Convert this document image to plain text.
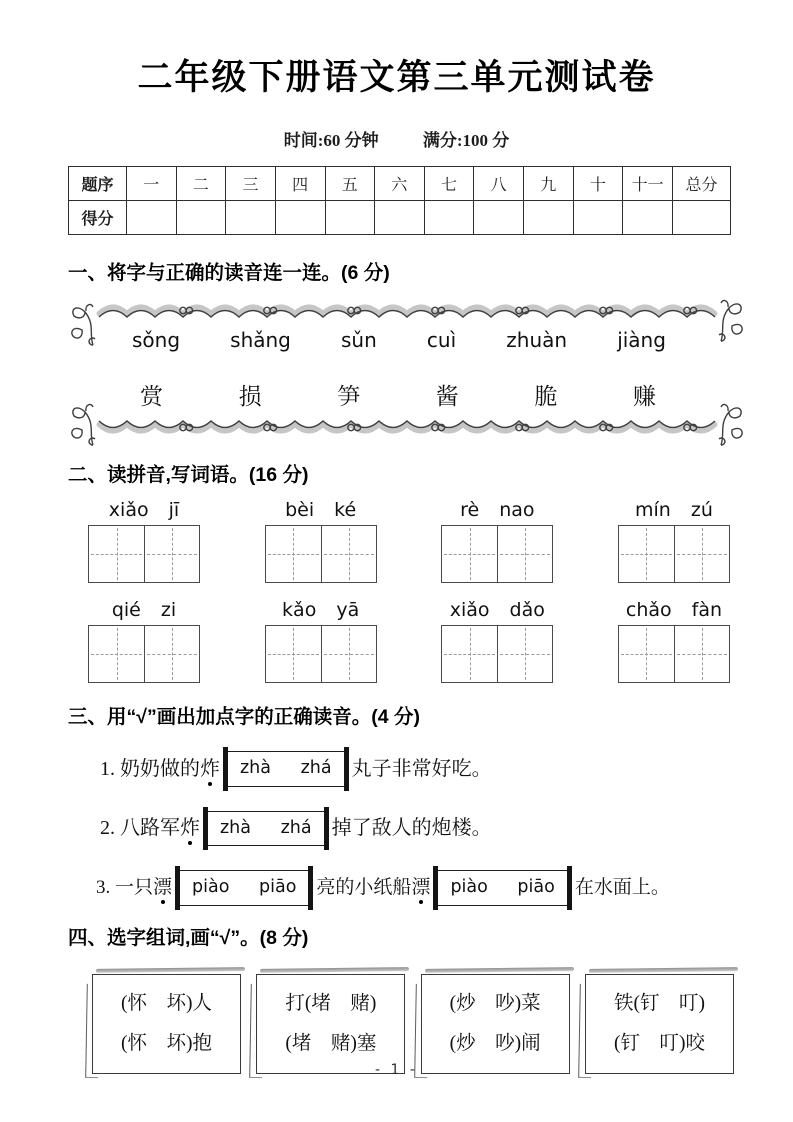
二年级下册语文第三单元测试卷
时间:60 分钟	满分:100 分
题序	一	二	三	四	五	六	七	八	九	十	十一	总分
得分												
一、将字与正确的读音连一连。(6 分)
sǒng	shǎng	sǔn	cuì	zhuàn	jiàng
赏	损	笋	酱	脆	赚
二、读拼音,写词语。(16 分)
xiǎo jī	bèi ké	rè nao	mín zú
qié zi	kǎo yā	xiǎo dǎo	chǎo fàn
三、用“√”画出加点字的正确读音。(4 分)
1. 奶奶做的 炸	zhà zhá	丸子非常好吃。
2. 八路军 炸	zhà zhá	掉了敌人的炮楼。
3. 一只 漂	piào piāo	亮的小纸船 漂	piào piāo	在水面上。
四、选字组词,画“√”。(8 分)
(怀　坏)人
(怀　坏)抱
打(堵　赌)
(堵　赌)塞
(炒　吵)菜
(炒　吵)闹
铁(钉　叮)
(钉　叮)咬
- 1 -
